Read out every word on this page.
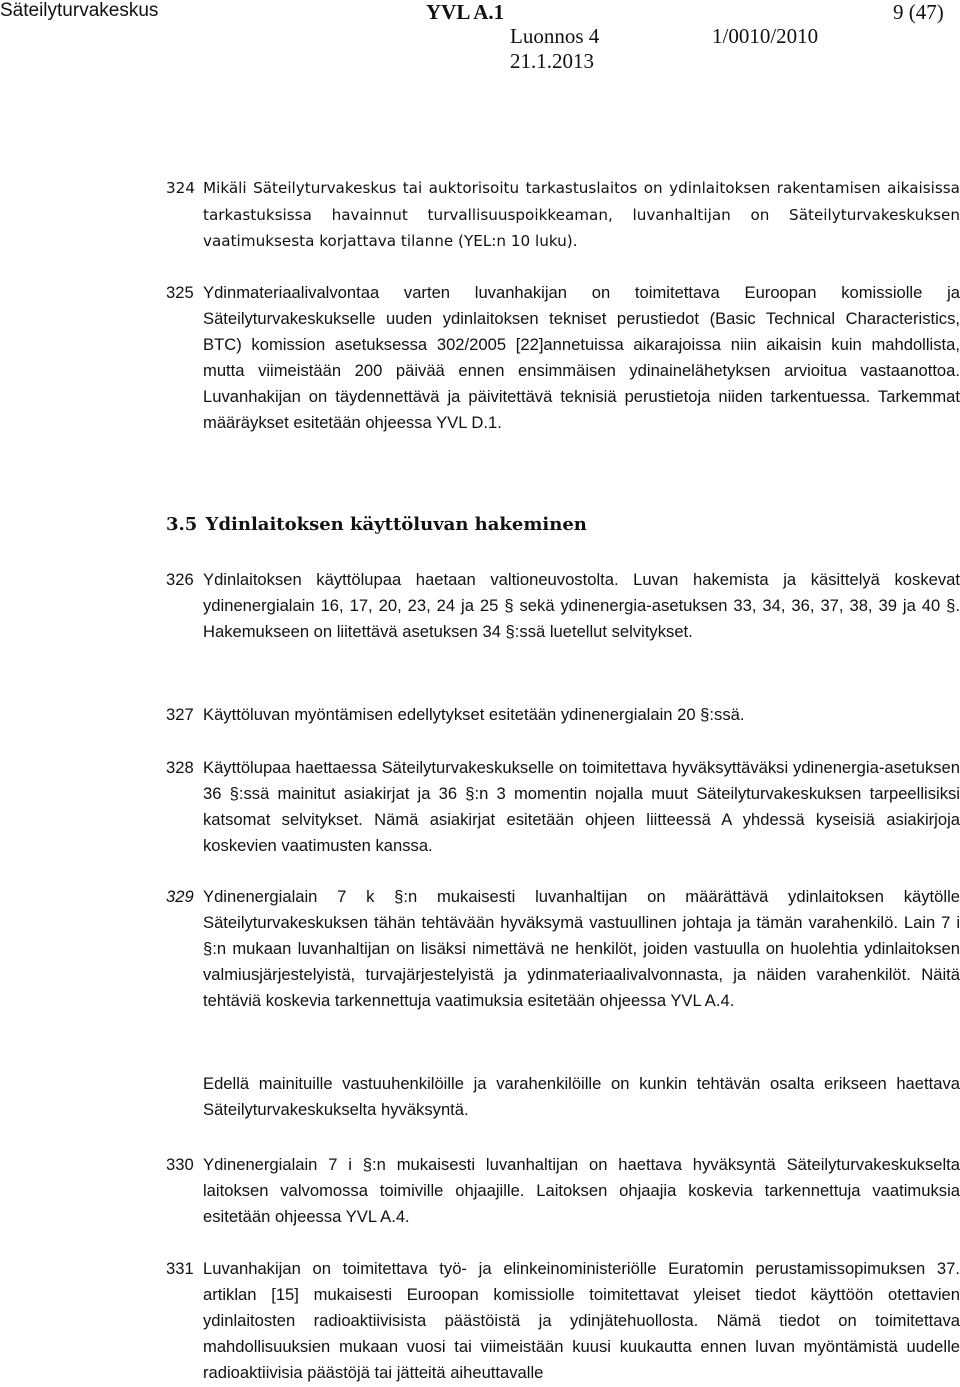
Säteilyturvakeskus	YVL A.1	9 (47)
Luonnos 4	1/0010/2010
21.1.2013
324 Mikäli Säteilyturvakeskus tai auktorisoitu tarkastuslaitos on ydinlaitoksen rakentamisen aikaisissa tarkastuksissa havainnut turvallisuuspoikkeaman, luvanhaltijan on Säteilyturvakeskuksen vaatimuksesta korjattava tilanne (YEL:n 10 luku).
325 Ydinmateriaalivalvontaa varten luvanhakijan on toimitettava Euroopan komissiolle ja Säteilyturvakeskukselle uuden ydinlaitoksen tekniset perustiedot (Basic Technical Characteristics, BTC) komission asetuksessa 302/2005 [22]annetuissa aikarajoissa niin aikaisin kuin mahdollista, mutta viimeistään 200 päivää ennen ensimmäisen ydinainelähetyksen arvioitua vastaanottoa. Luvanhakijan on täydennettävä ja päivitettävä teknisiä perustietoja niiden tarkentuessa. Tarkemmat määräykset esitetään ohjeessa YVL D.1.
3.5 Ydinlaitoksen käyttöluvan hakeminen
326 Ydinlaitoksen käyttölupaa haetaan valtioneuvostolta. Luvan hakemista ja käsittelyä koskevat ydinenergialain 16, 17, 20, 23, 24 ja 25 § sekä ydinenergia-asetuksen 33, 34, 36, 37, 38, 39 ja 40 §. Hakemukseen on liitettävä asetuksen 34 §:ssä luetellut selvitykset.
327 Käyttöluvan myöntämisen edellytykset esitetään ydinenergialain 20 §:ssä.
328 Käyttölupaa haettaessa Säteilyturvakeskukselle on toimitettava hyväksyttäväksi ydinenergia-asetuksen 36 §:ssä mainitut asiakirjat ja 36 §:n 3 momentin nojalla muut Säteilyturvakeskuksen tarpeellisiksi katsomat selvitykset. Nämä asiakirjat esitetään ohjeen liitteessä A yhdessä kyseisiä asiakirjoja koskevien vaatimusten kanssa.
329 Ydinenergialain 7 k §:n mukaisesti luvanhaltijan on määrättävä ydinlaitoksen käytölle Säteilyturvakeskuksen tähän tehtävään hyväksymä vastuullinen johtaja ja tämän varahenkilö. Lain 7 i §:n mukaan luvanhaltijan on lisäksi nimettävä ne henkilöt, joiden vastuulla on huolehtia ydinlaitoksen valmiusjärjestelyistä, turvajärjestelyistä ja ydinmateriaalivalvonnasta, ja näiden varahenkilöt. Näitä tehtäviä koskevia tarkennettuja vaatimuksia esitetään ohjeessa YVL A.4.
Edellä mainituille vastuuhenkilöille ja varahenkilöille on kunkin tehtävän osalta erikseen haettava Säteilyturvakeskukselta hyväksyntä.
330 Ydinenergialain 7 i §:n mukaisesti luvanhaltijan on haettava hyväksyntä Säteilyturvakeskukselta laitoksen valvomossa toimiville ohjaajille. Laitoksen ohjaajia koskevia tarkennettuja vaatimuksia esitetään ohjeessa YVL A.4.
331 Luvanhakijan on toimitettava työ- ja elinkeinoministeriölle Euratomin perustamissopimuksen 37. artiklan [15] mukaisesti Euroopan komissiolle toimitettavat yleiset tiedot käyttöön otettavien ydinlaitosten radioaktiivisista päästöistä ja ydinjätehuollosta. Nämä tiedot on toimitettava mahdollisuuksien mukaan vuosi tai viimeistään kuusi kuukautta ennen luvan myöntämistä uudelle radioaktiivisia päästöjä tai jätteitä aiheuttavalle
